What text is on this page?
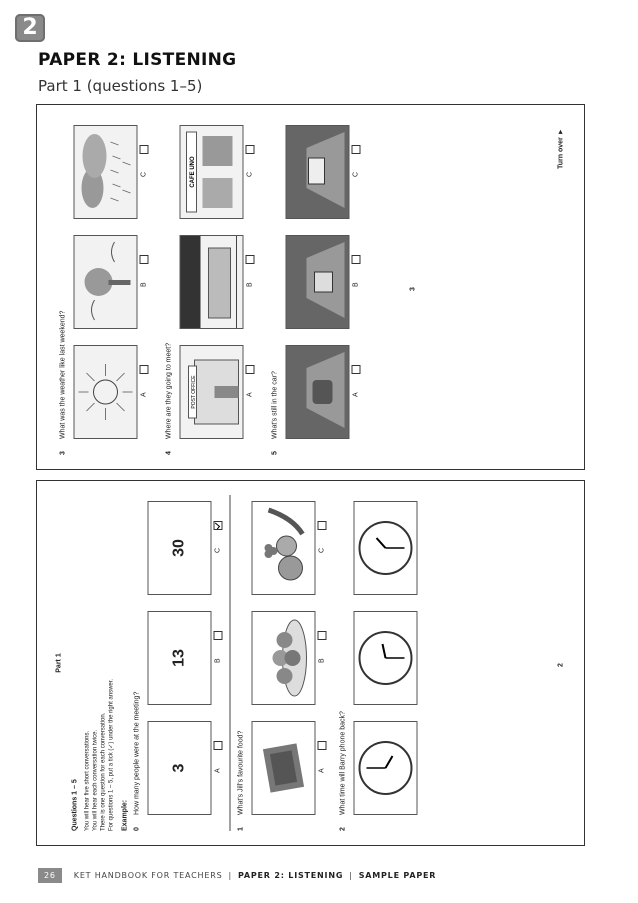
2
PAPER 2: LISTENING

Part 1 (questions 1–5)

3What was the weather like last weekend?	A
B
C
4Where are they going to meet?	POST OFFICE
CAFE UNO
A
B
C
5What's still in the car?	A
B
C
3
Turn over ►
Part 1
Questions 1 – 5 You will hear five short conversations. You will hear each conversation twice. There is one question for each conversation. For questions 1 – 5, put a tick (✓) under the right answer. Example: 0How many people were at the meeting?	3
13
30
A
B
C
1What's Jill's favourite food?	A
B
C
2What time will Barry phone back?
2
26	KET HANDBOOK FOR TEACHERS | PAPER 2: LISTENING | SAMPLE PAPER
